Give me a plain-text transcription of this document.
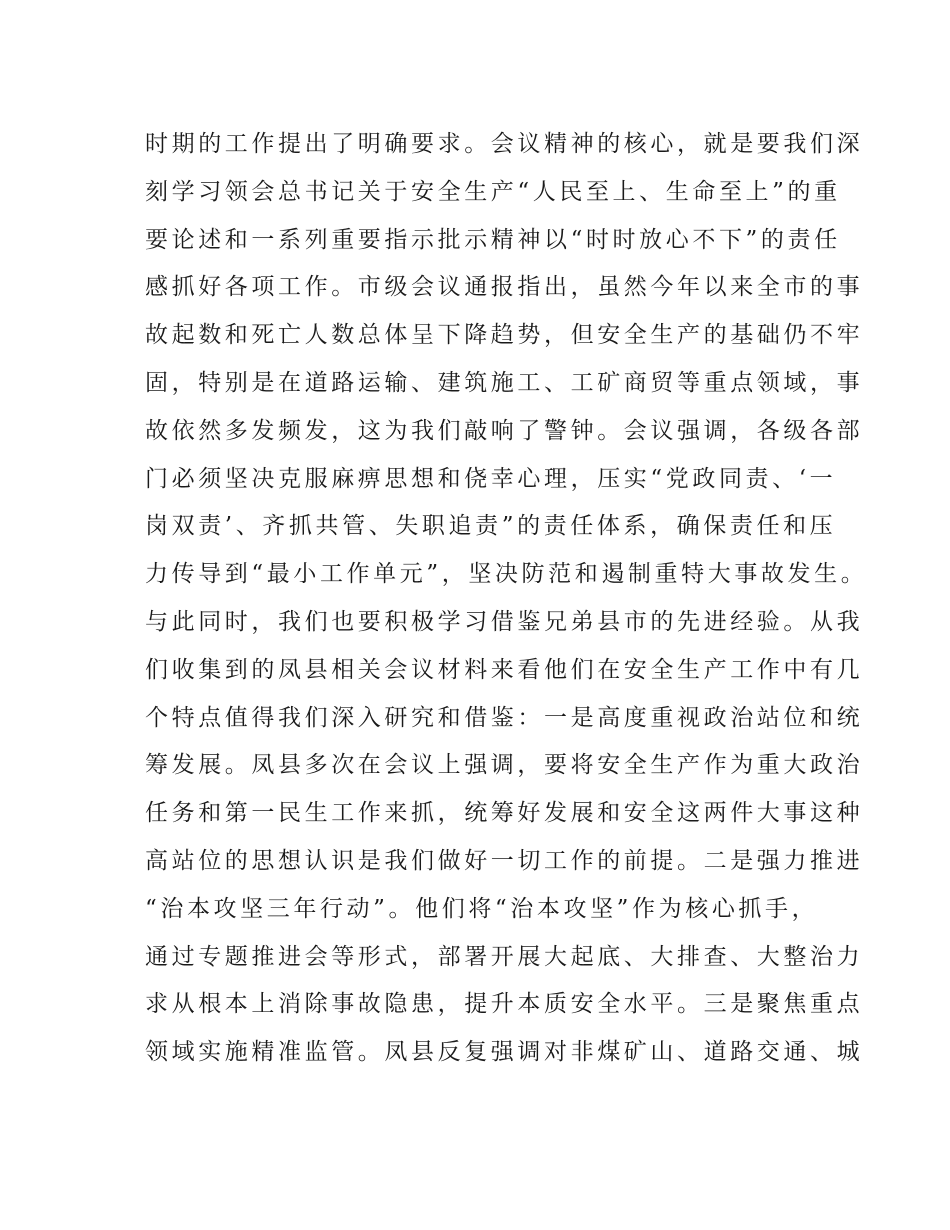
时期的工作提出了明确要求。会议精神的核心，就是要我们深
刻学习领会总书记关于安全生产“人民至上、生命至上”的重
要论述和一系列重要指示批示精神以“时时放心不下”的责任
感抓好各项工作。市级会议通报指出，虽然今年以来全市的事
故起数和死亡人数总体呈下降趋势，但安全生产的基础仍不牢
固，特别是在道路运输、建筑施工、工矿商贸等重点领域，事
故依然多发频发，这为我们敲响了警钟。会议强调，各级各部
门必须坚决克服麻痹思想和侥幸心理，压实“党政同责、‘一
岗双责’、齐抓共管、失职追责”的责任体系，确保责任和压
力传导到“最小工作单元”，坚决防范和遏制重特大事故发生。
与此同时，我们也要积极学习借鉴兄弟县市的先进经验。从我
们收集到的凤县相关会议材料来看他们在安全生产工作中有几
个特点值得我们深入研究和借鉴：一是高度重视政治站位和统
筹发展。凤县多次在会议上强调，要将安全生产作为重大政治
任务和第一民生工作来抓，统筹好发展和安全这两件大事这种
高站位的思想认识是我们做好一切工作的前提。二是强力推进
“治本攻坚三年行动”。他们将“治本攻坚”作为核心抓手，
通过专题推进会等形式，部署开展大起底、大排查、大整治力
求从根本上消除事故隐患，提升本质安全水平。三是聚焦重点
领域实施精准监管。凤县反复强调对非煤矿山、道路交通、城
